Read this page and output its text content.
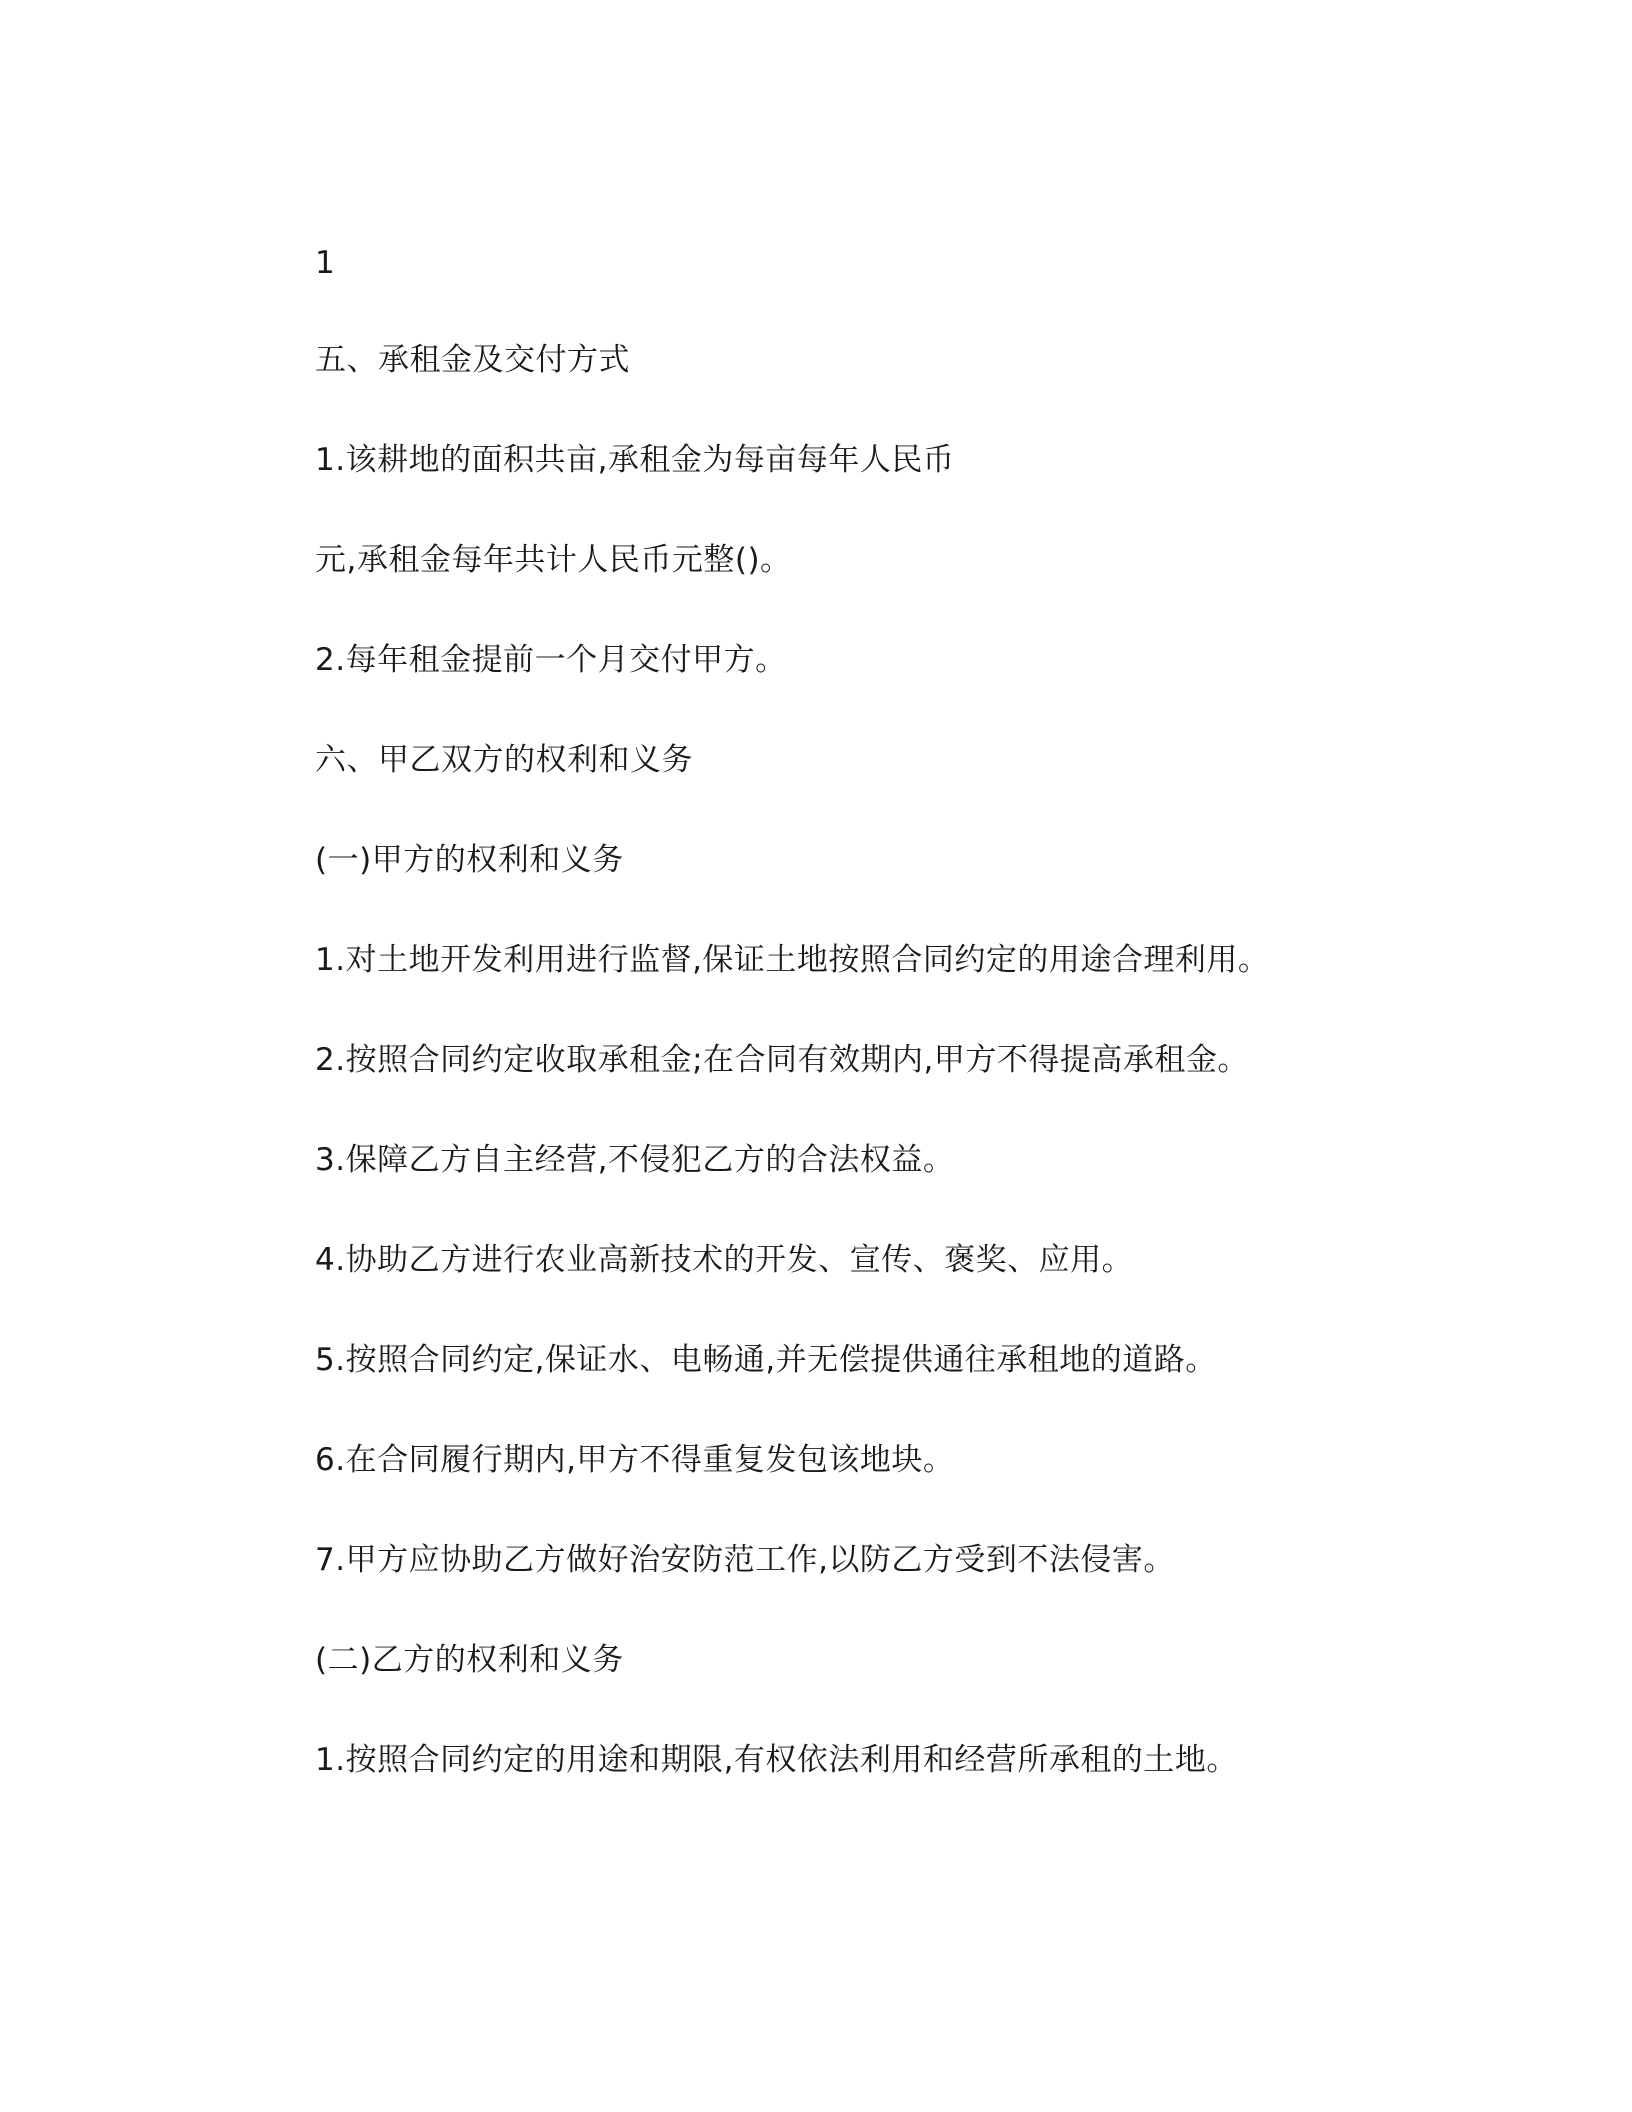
1
五、承租金及交付方式
1.该耕地的面积共亩,承租金为每亩每年人民币
元,承租金每年共计人民币元整()。
2.每年租金提前一个月交付甲方。
六、甲乙双方的权利和义务
(一)甲方的权利和义务
1.对土地开发利用进行监督,保证土地按照合同约定的用途合理利用。
2.按照合同约定收取承租金;在合同有效期内,甲方不得提高承租金。
3.保障乙方自主经营,不侵犯乙方的合法权益。
4.协助乙方进行农业高新技术的开发、宣传、褒奖、应用。
5.按照合同约定,保证水、电畅通,并无偿提供通往承租地的道路。
6.在合同履行期内,甲方不得重复发包该地块。
7.甲方应协助乙方做好治安防范工作,以防乙方受到不法侵害。
(二)乙方的权利和义务
1.按照合同约定的用途和期限,有权依法利用和经营所承租的土地。
